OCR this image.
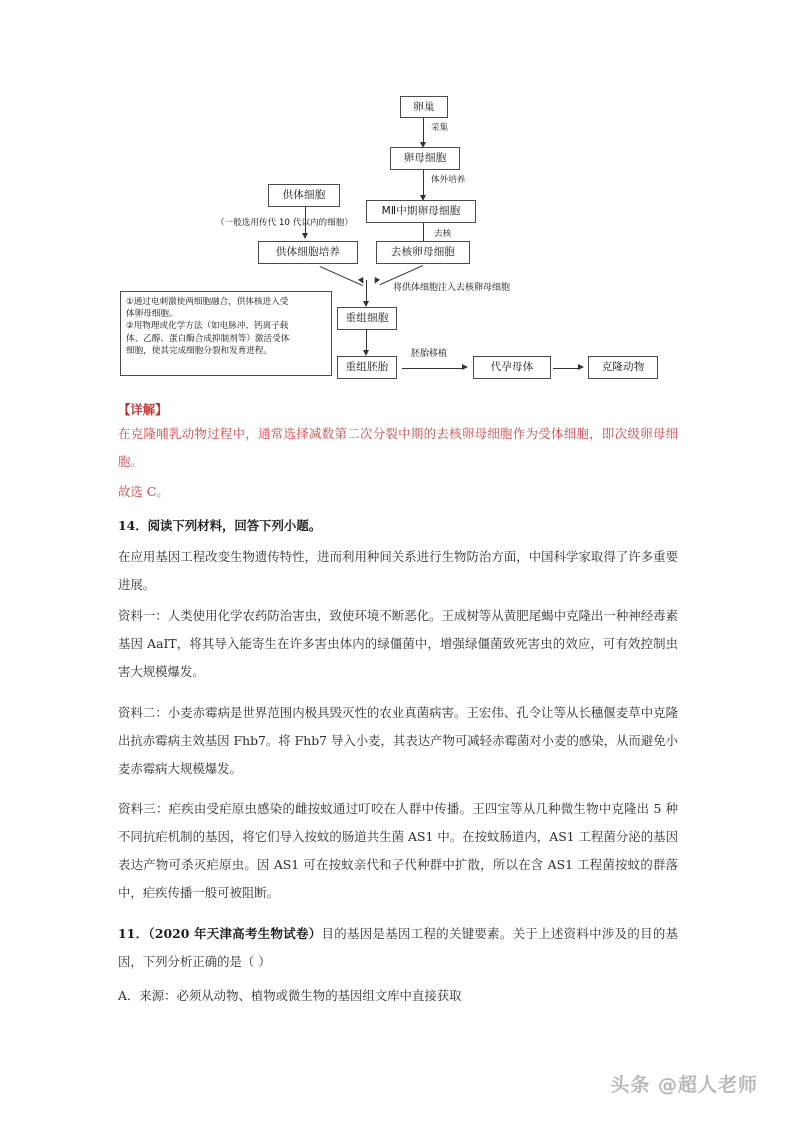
卵巢
采集
卵母细胞
体外培养
MⅡ中期卵母细胞
去核
供体细胞
（一般选用传代 10 代以内的细胞）
供体细胞培养	去核卵母细胞
将供体细胞注入去核卵母细胞
重组细胞
重组胚胎
胚胎移植
代孕母体	克隆动物
①通过电刺激使两细胞融合，供体核进入受
体卵母细胞。
②用物理或化学方法（如电脉冲、钙离子载
体、乙醇、蛋白酶合成抑制剂等）激活受体
细胞，使其完成细胞分裂和发育进程。
【详解】
在克隆哺乳动物过程中，通常选择减数第二次分裂中期的去核卵母细胞作为受体细胞，即次级卵母细胞。
故选 C。
14．阅读下列材料，回答下列小题。
在应用基因工程改变生物遗传特性，进而利用种间关系进行生物防治方面，中国科学家取得了许多重要进展。
资料一：人类使用化学农药防治害虫，致使环境不断恶化。王成树等从黄肥尾蝎中克隆出一种神经毒素基因 AaIT，将其导入能寄生在许多害虫体内的绿僵菌中，增强绿僵菌致死害虫的效应，可有效控制虫害大规模爆发。
资料二：小麦赤霉病是世界范围内极具毁灭性的农业真菌病害。王宏伟、孔令让等从长穗偃麦草中克隆出抗赤霉病主效基因 Fhb7。将 Fhb7 导入小麦，其表达产物可减轻赤霉菌对小麦的感染，从而避免小麦赤霉病大规模爆发。
资料三：疟疾由受疟原虫感染的雌按蚊通过叮咬在人群中传播。王四宝等从几种微生物中克隆出 5 种不同抗疟机制的基因，将它们导入按蚊的肠道共生菌 AS1 中。在按蚊肠道内，AS1 工程菌分泌的基因表达产物可杀灭疟原虫。因 AS1 可在按蚊亲代和子代种群中扩散，所以在含 AS1 工程菌按蚊的群落中，疟疾传播一般可被阻断。
11．（2020 年天津高考生物试卷）目的基因是基因工程的关键要素。关于上述资料中涉及的目的基因，下列分析正确的是（ ）
A．来源：必须从动物、植物或微生物的基因组文库中直接获取
头条 @超人老师
